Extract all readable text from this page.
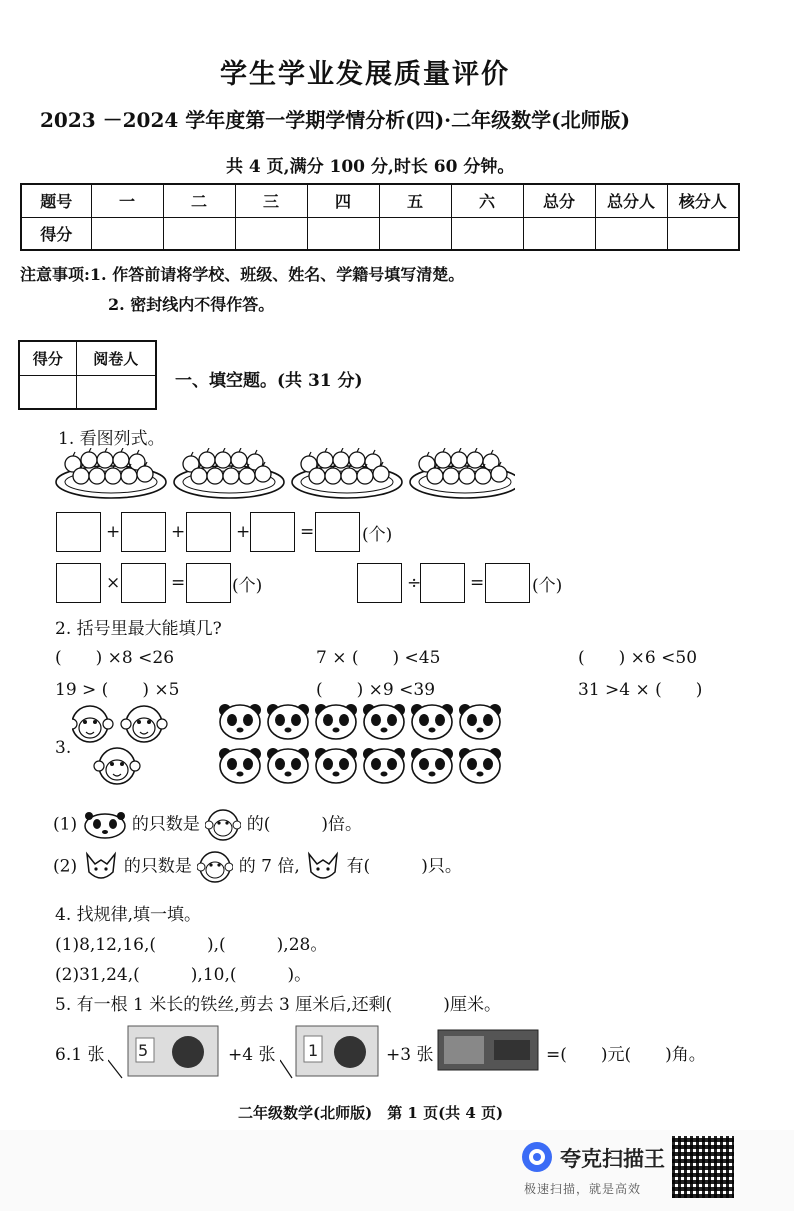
学生学业发展质量评价
2023 －2024 学年度第一学期学情分析(四)·二年级数学(北师版)
共 4 页,满分 100 分,时长 60 分钟。
题号	一	二	三	四	五	六	总分	总分人	核分人
得分									
注意事项:1. 作答前请将学校、班级、姓名、学籍号填写清楚。
2. 密封线内不得作答。
得分	阅卷人

一、填空题。(共 31 分)
1. 看图列式。
+	+	+	=	(个)
×	=	(个)	÷	=	(个)
2. 括号里最大能填几?
(　　) ×8 <26	7 × (　　) <45	(　　) ×6 <50
19 > (　　) ×5	(　　) ×9 <39	31 >4 × (　　)
3.
(1)	的只数是	的(　　　)倍。
(2)	的只数是	的 7 倍,	有(　　　)只。
4. 找规律,填一填。
(1)8,12,16,(　　　),(　　　),28。
(2)31,24,(　　　),10,(　　　)。
5. 有一根 1 米长的铁丝,剪去 3 厘米后,还剩(　　　)厘米。
6.1 张 5	+4 张 1	+3 张	=(　　)元(　　)角。
二年级数学(北师版)　第 1 页(共 4 页)
夸克扫描王
极速扫描，就是高效
